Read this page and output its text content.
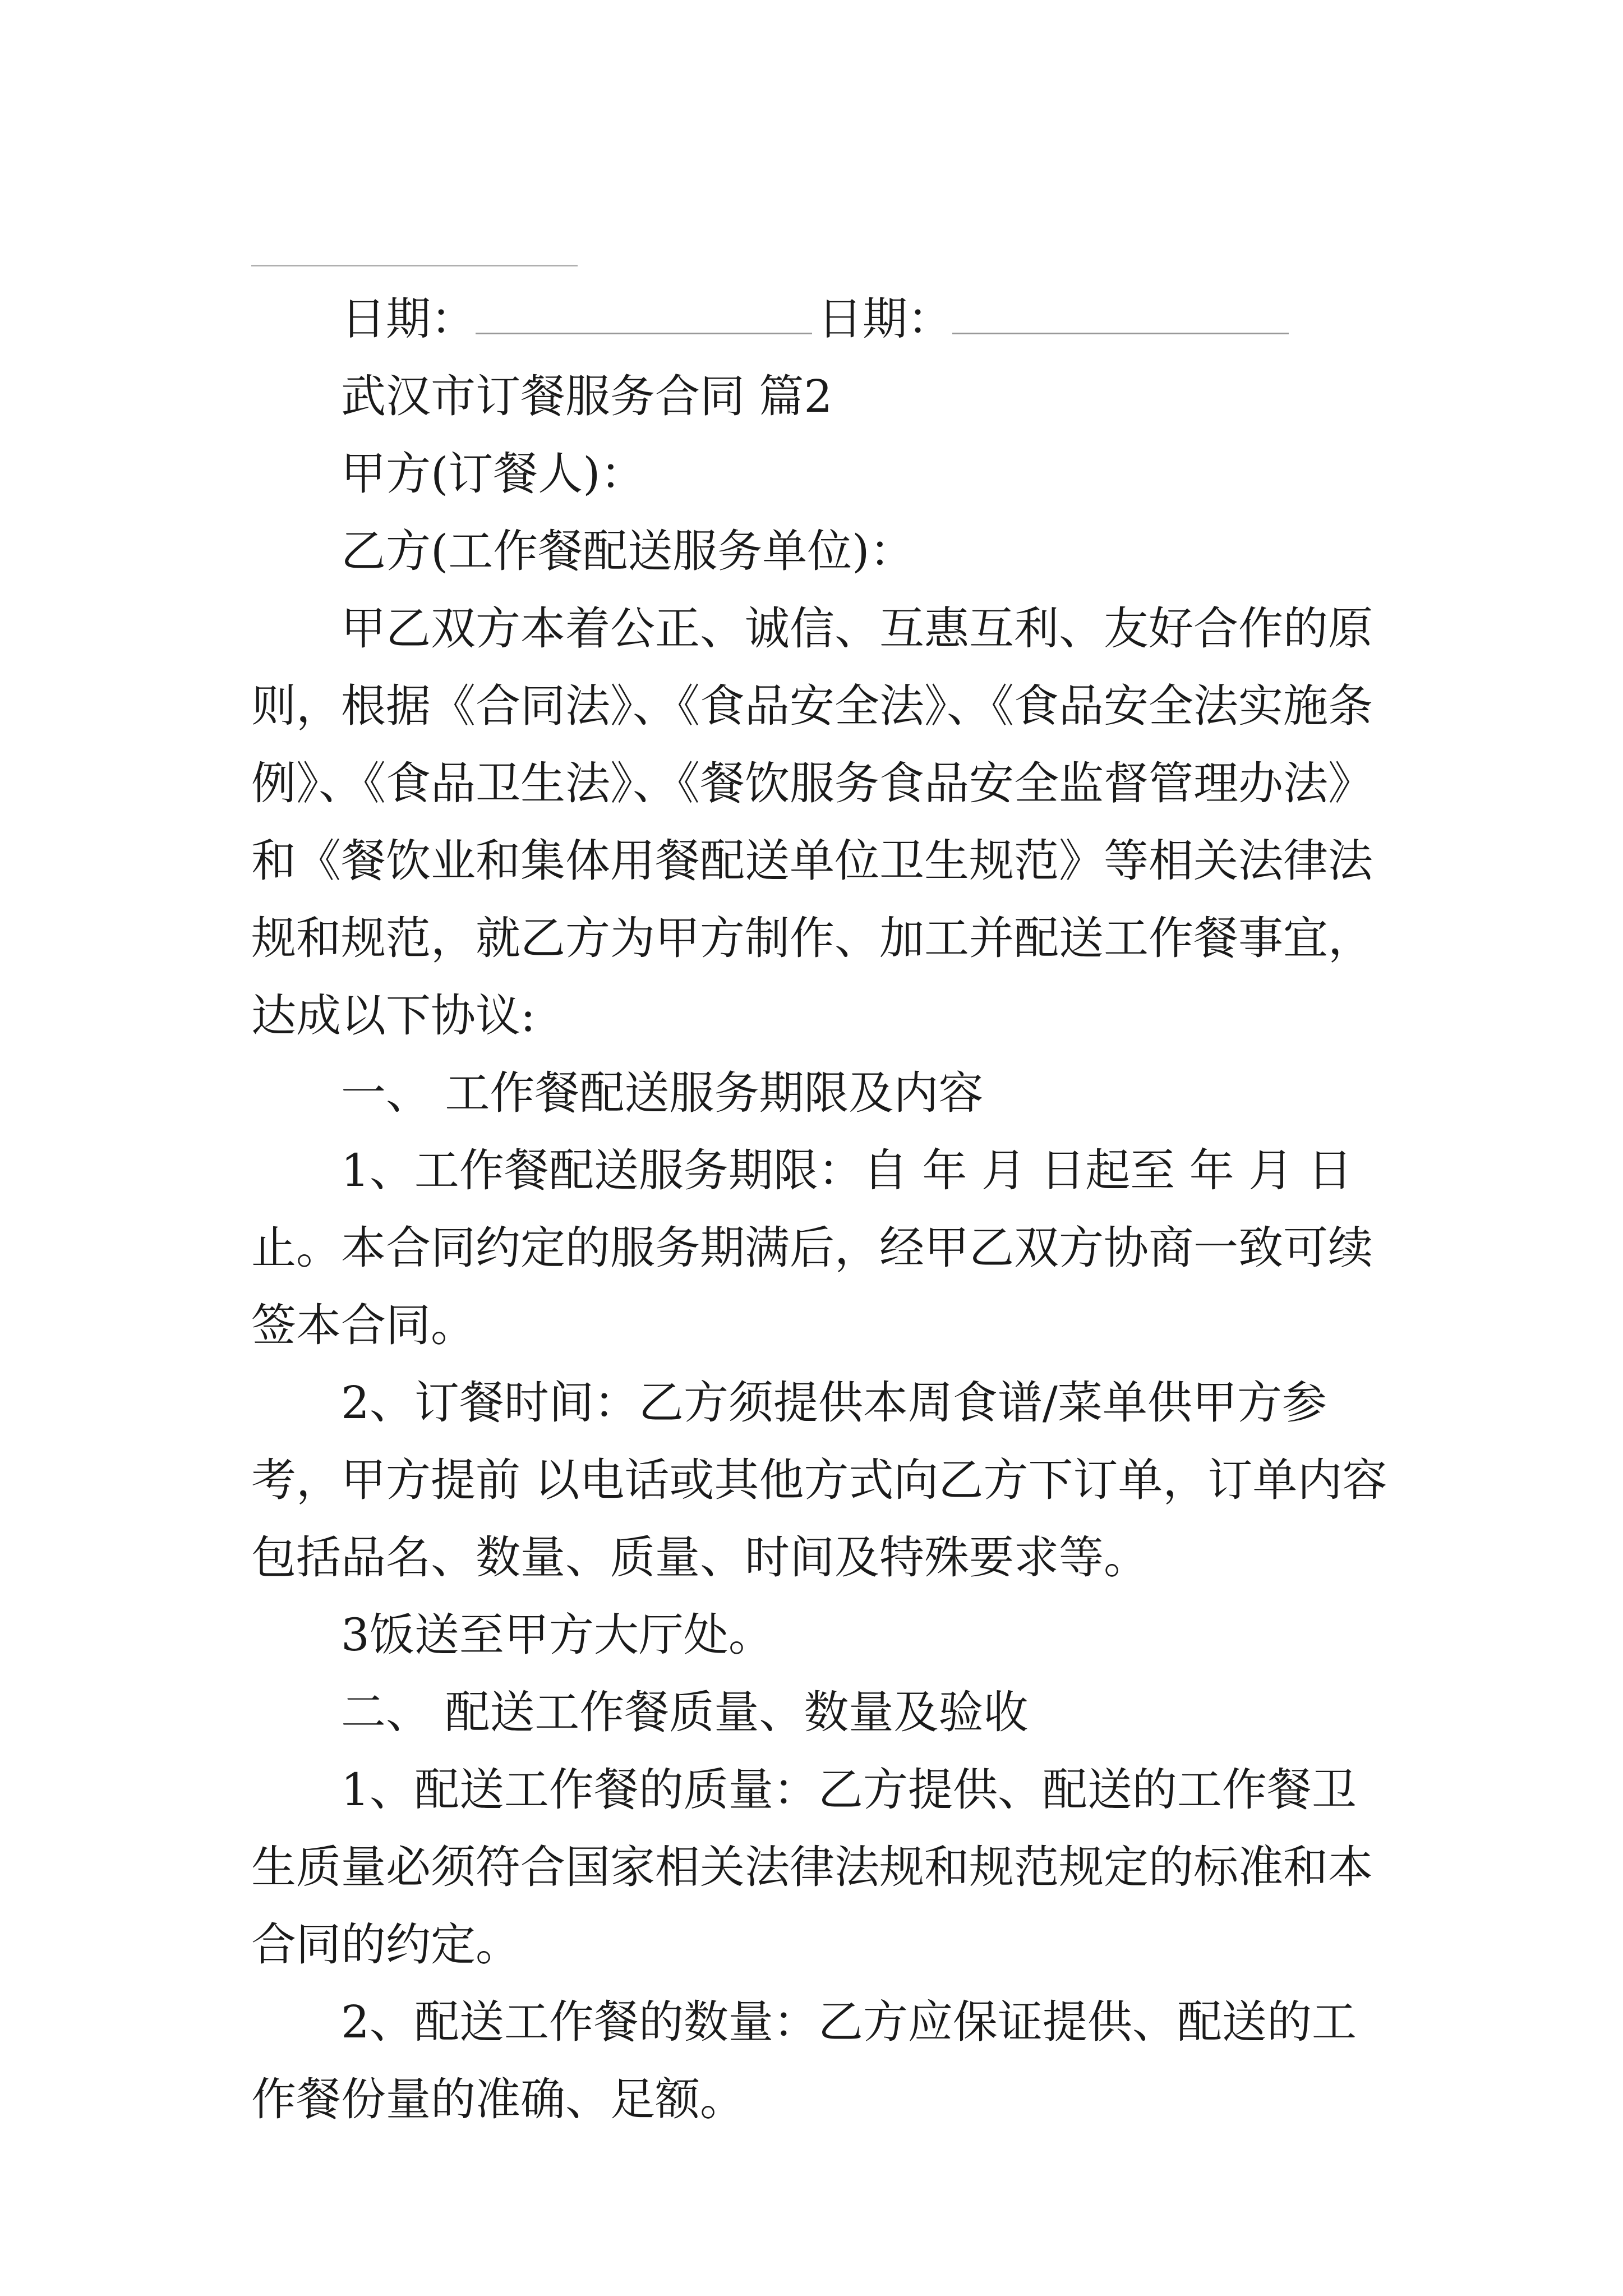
日期：	日期：

武汉市订餐服务合同 篇2

甲方(订餐人)：

乙方(工作餐配送服务单位)：

甲乙双方本着公正、诚信、互惠互利、友好合作的原则，根据《合同法》、《食品安全法》、《食品安全法实施条例》、《食品卫生法》、《餐饮服务食品安全监督管理办法》和《餐饮业和集体用餐配送单位卫生规范》等相关法律法规和规范，就乙方为甲方制作、加工并配送工作餐事宜，达成以下协议:

一、 工作餐配送服务期限及内容

1、工作餐配送服务期限：自 年 月 日起至 年 月 日止。本合同约定的服务期满后，经甲乙双方协商一致可续签本合同。

2、订餐时间：乙方须提供本周食谱/菜单供甲方参考，甲方提前 以电话或其他方式向乙方下订单，订单内容包括品名、数量、质量、时间及特殊要求等。

3饭送至甲方大厅处。

二、 配送工作餐质量、数量及验收

1、配送工作餐的质量：乙方提供、配送的工作餐卫生质量必须符合国家相关法律法规和规范规定的标准和本合同的约定。

2、配送工作餐的数量：乙方应保证提供、配送的工作餐份量的准确、足额。
